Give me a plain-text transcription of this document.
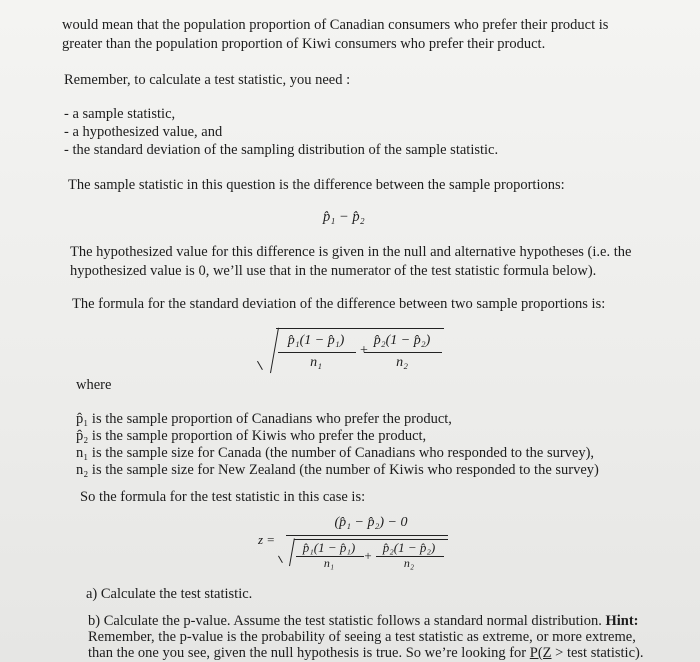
would mean that the population proportion of Canadian consumers who prefer their product is
greater than the population proportion of Kiwi consumers who prefer their product.
Remember, to calculate a test statistic, you need :
- a sample statistic,
- a hypothesized value, and
- the standard deviation of the sampling distribution of the sample statistic.
The sample statistic in this question is the difference between the sample proportions:
p̂₁ − p̂₂
The hypothesized value for this difference is given in the null and alternative hypotheses (i.e. the
hypothesized value is 0, we’ll use that in the numerator of the test statistic formula below).
The formula for the standard deviation of the difference between two sample proportions is:
p̂₁(1 − p̂₁)
n₁
+
p̂₂(1 − p̂₂)
n₂
where
p̂₁ is the sample proportion of Canadians who prefer the product,
p̂₂ is the sample proportion of Kiwis who prefer the product,
n₁ is the sample size for Canada (the number of Canadians who responded to the survey),
n₂ is the sample size for New Zealand (the number of Kiwis who responded to the survey)
So the formula for the test statistic in this case is:
z =
(p̂₁ − p̂₂) − 0
p̂₁(1 − p̂₁)
n₁	+
p̂₂(1 − p̂₂)
n₂
a) Calculate the test statistic.
b) Calculate the p-value. Assume the test statistic follows a standard normal distribution. Hint:
Remember, the p-value is the probability of seeing a test statistic as extreme, or more extreme,
than the one you see, given the null hypothesis is true. So we’re looking for P(Z > test statistic).
